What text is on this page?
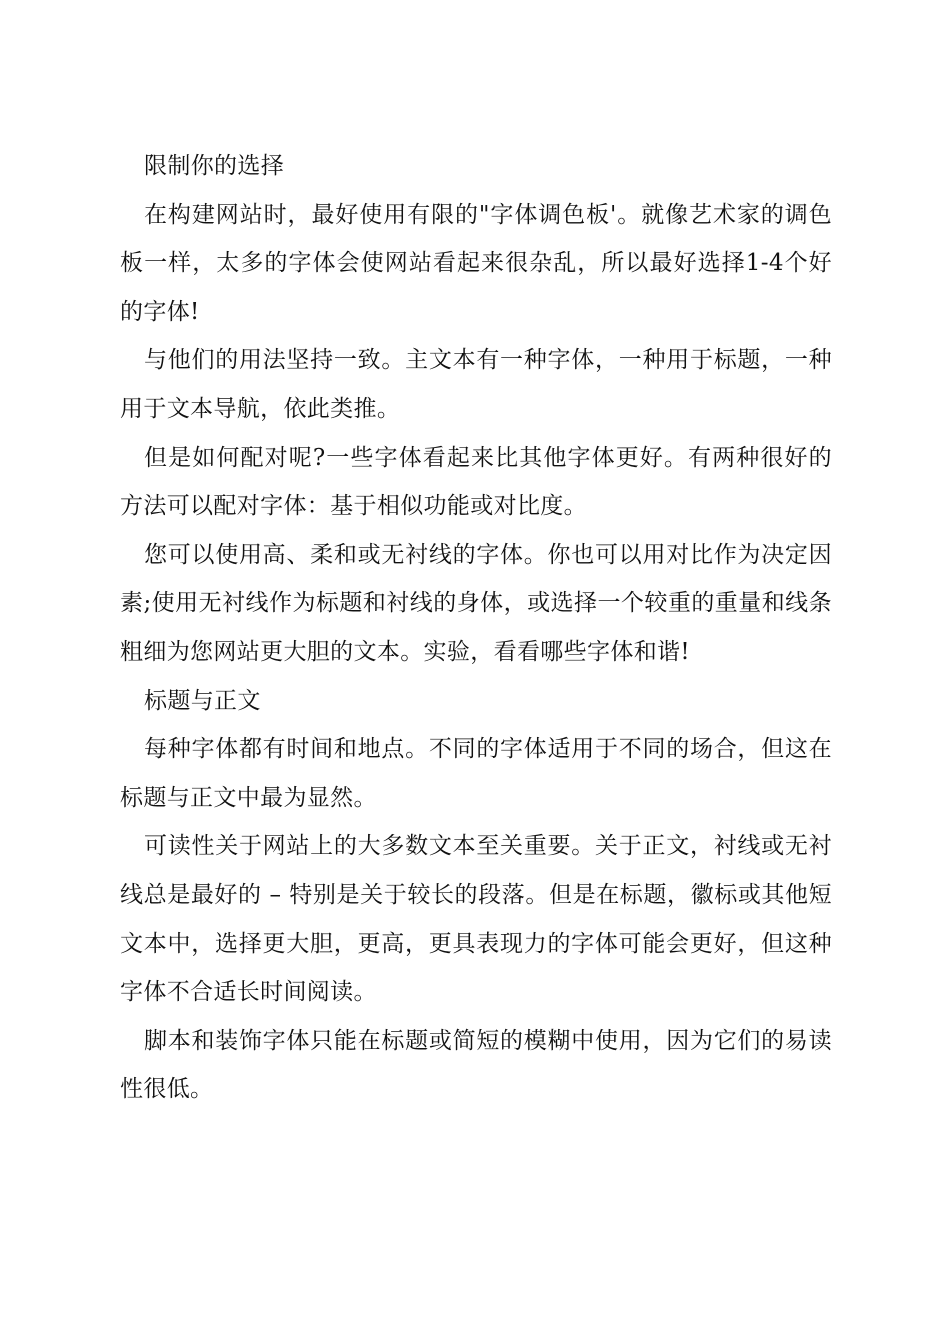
限制你的选择

在构建网站时，最好使用有限的"字体调色板'。就像艺术家的调色板一样，太多的字体会使网站看起来很杂乱，所以最好选择1-4个好的字体!

与他们的用法坚持一致。主文本有一种字体，一种用于标题，一种用于文本导航，依此类推。

但是如何配对呢?一些字体看起来比其他字体更好。有两种很好的方法可以配对字体：基于相似功能或对比度。

您可以使用高、柔和或无衬线的字体。你也可以用对比作为决定因素;使用无衬线作为标题和衬线的身体，或选择一个较重的重量和线条粗细为您网站更大胆的文本。实验，看看哪些字体和谐!

标题与正文

每种字体都有时间和地点。不同的字体适用于不同的场合，但这在标题与正文中最为显然。

可读性关于网站上的大多数文本至关重要。关于正文，衬线或无衬线总是最好的 – 特别是关于较长的段落。但是在标题，徽标或其他短文本中，选择更大胆，更高，更具表现力的字体可能会更好，但这种字体不合适长时间阅读。

脚本和装饰字体只能在标题或简短的模糊中使用，因为它们的易读性很低。
